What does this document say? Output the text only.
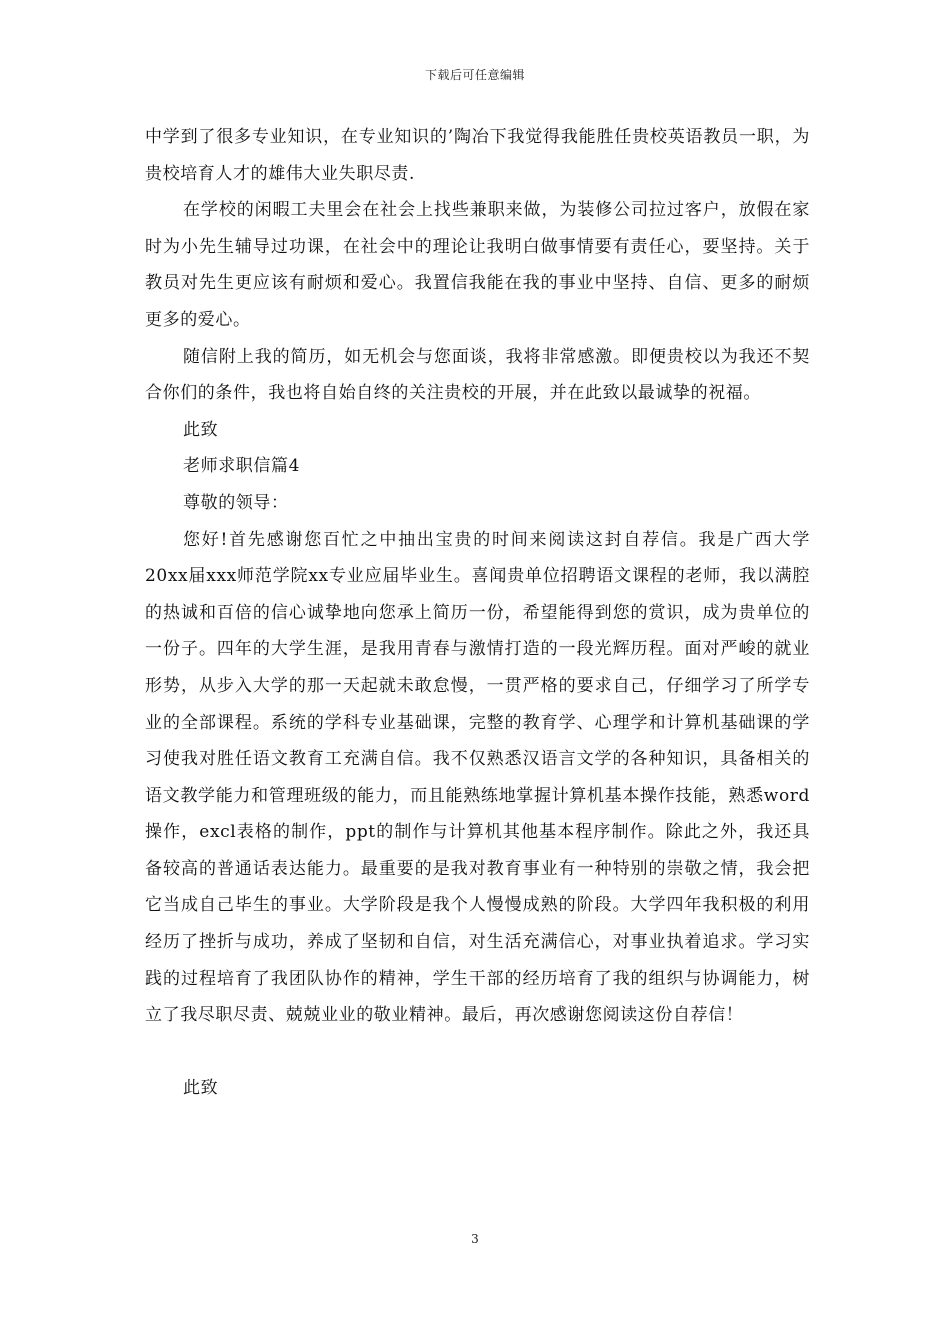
下载后可任意编辑

中学到了很多专业知识，在专业知识的’陶冶下我觉得我能胜任贵校英语教员一职，为贵校培育人才的雄伟大业失职尽责.

在学校的闲暇工夫里会在社会上找些兼职来做，为装修公司拉过客户，放假在家时为小先生辅导过功课，在社会中的理论让我明白做事情要有责任心，要坚持。关于教员对先生更应该有耐烦和爱心。我置信我能在我的事业中坚持、自信、更多的耐烦更多的爱心。

随信附上我的简历，如无机会与您面谈，我将非常感激。即便贵校以为我还不契合你们的条件，我也将自始自终的关注贵校的开展，并在此致以最诚挚的祝福。

此致

老师求职信篇4

尊敬的领导：

您好!首先感谢您百忙之中抽出宝贵的时间来阅读这封自荐信。我是广西大学20xx届xxx师范学院xx专业应届毕业生。喜闻贵单位招聘语文课程的老师，我以满腔的热诚和百倍的信心诚挚地向您承上简历一份，希望能得到您的赏识，成为贵单位的一份子。四年的大学生涯，是我用青春与激情打造的一段光辉历程。面对严峻的就业形势，从步入大学的那一天起就未敢怠慢，一贯严格的要求自己，仔细学习了所学专业的全部课程。系统的学科专业基础课，完整的教育学、心理学和计算机基础课的学习使我对胜任语文教育工充满自信。我不仅熟悉汉语言文学的各种知识，具备相关的语文教学能力和管理班级的能力，而且能熟练地掌握计算机基本操作技能，熟悉word操作，excl表格的制作，ppt的制作与计算机其他基本程序制作。除此之外，我还具备较高的普通话表达能力。最重要的是我对教育事业有一种特别的崇敬之情，我会把它当成自己毕生的事业。大学阶段是我个人慢慢成熟的阶段。大学四年我积极的利用经历了挫折与成功，养成了坚韧和自信，对生活充满信心，对事业执着追求。学习实践的过程培育了我团队协作的精神，学生干部的经历培育了我的组织与协调能力，树立了我尽职尽责、兢兢业业的敬业精神。最后，再次感谢您阅读这份自荐信！

此致

3
